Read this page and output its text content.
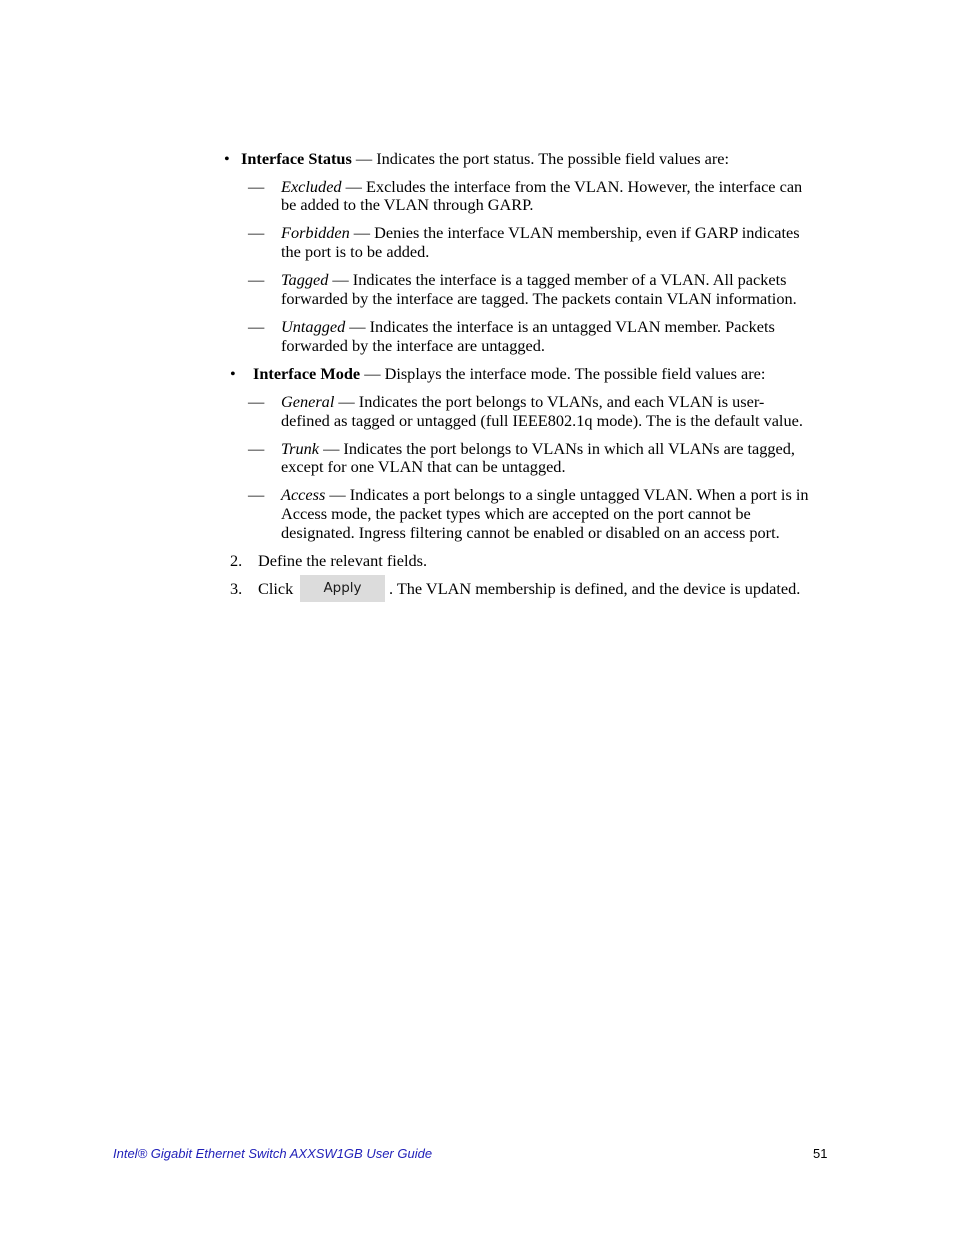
• Interface Status — Indicates the port status. The possible field values are:
— Excluded — Excludes the interface from the VLAN. However, the interface can
be added to the VLAN through GARP.
— Forbidden — Denies the interface VLAN membership, even if GARP indicates
the port is to be added.
— Tagged — Indicates the interface is a tagged member of a VLAN. All packets
forwarded by the interface are tagged. The packets contain VLAN information.
— Untagged — Indicates the interface is an untagged VLAN member. Packets
forwarded by the interface are untagged.
• Interface Mode — Displays the interface mode. The possible field values are:
— General — Indicates the port belongs to VLANs, and each VLAN is user-
defined as tagged or untagged (full IEEE802.1q mode). The is the default value.
— Trunk — Indicates the port belongs to VLANs in which all VLANs are tagged,
except for one VLAN that can be untagged.
— Access — Indicates a port belongs to a single untagged VLAN. When a port is in
Access mode, the packet types which are accepted on the port cannot be
designated. Ingress filtering cannot be enabled or disabled on an access port.
2. Define the relevant fields.
3. Click	Apply	. The VLAN membership is defined, and the device is updated.
Intel® Gigabit Ethernet Switch AXXSW1GB User Guide	51
